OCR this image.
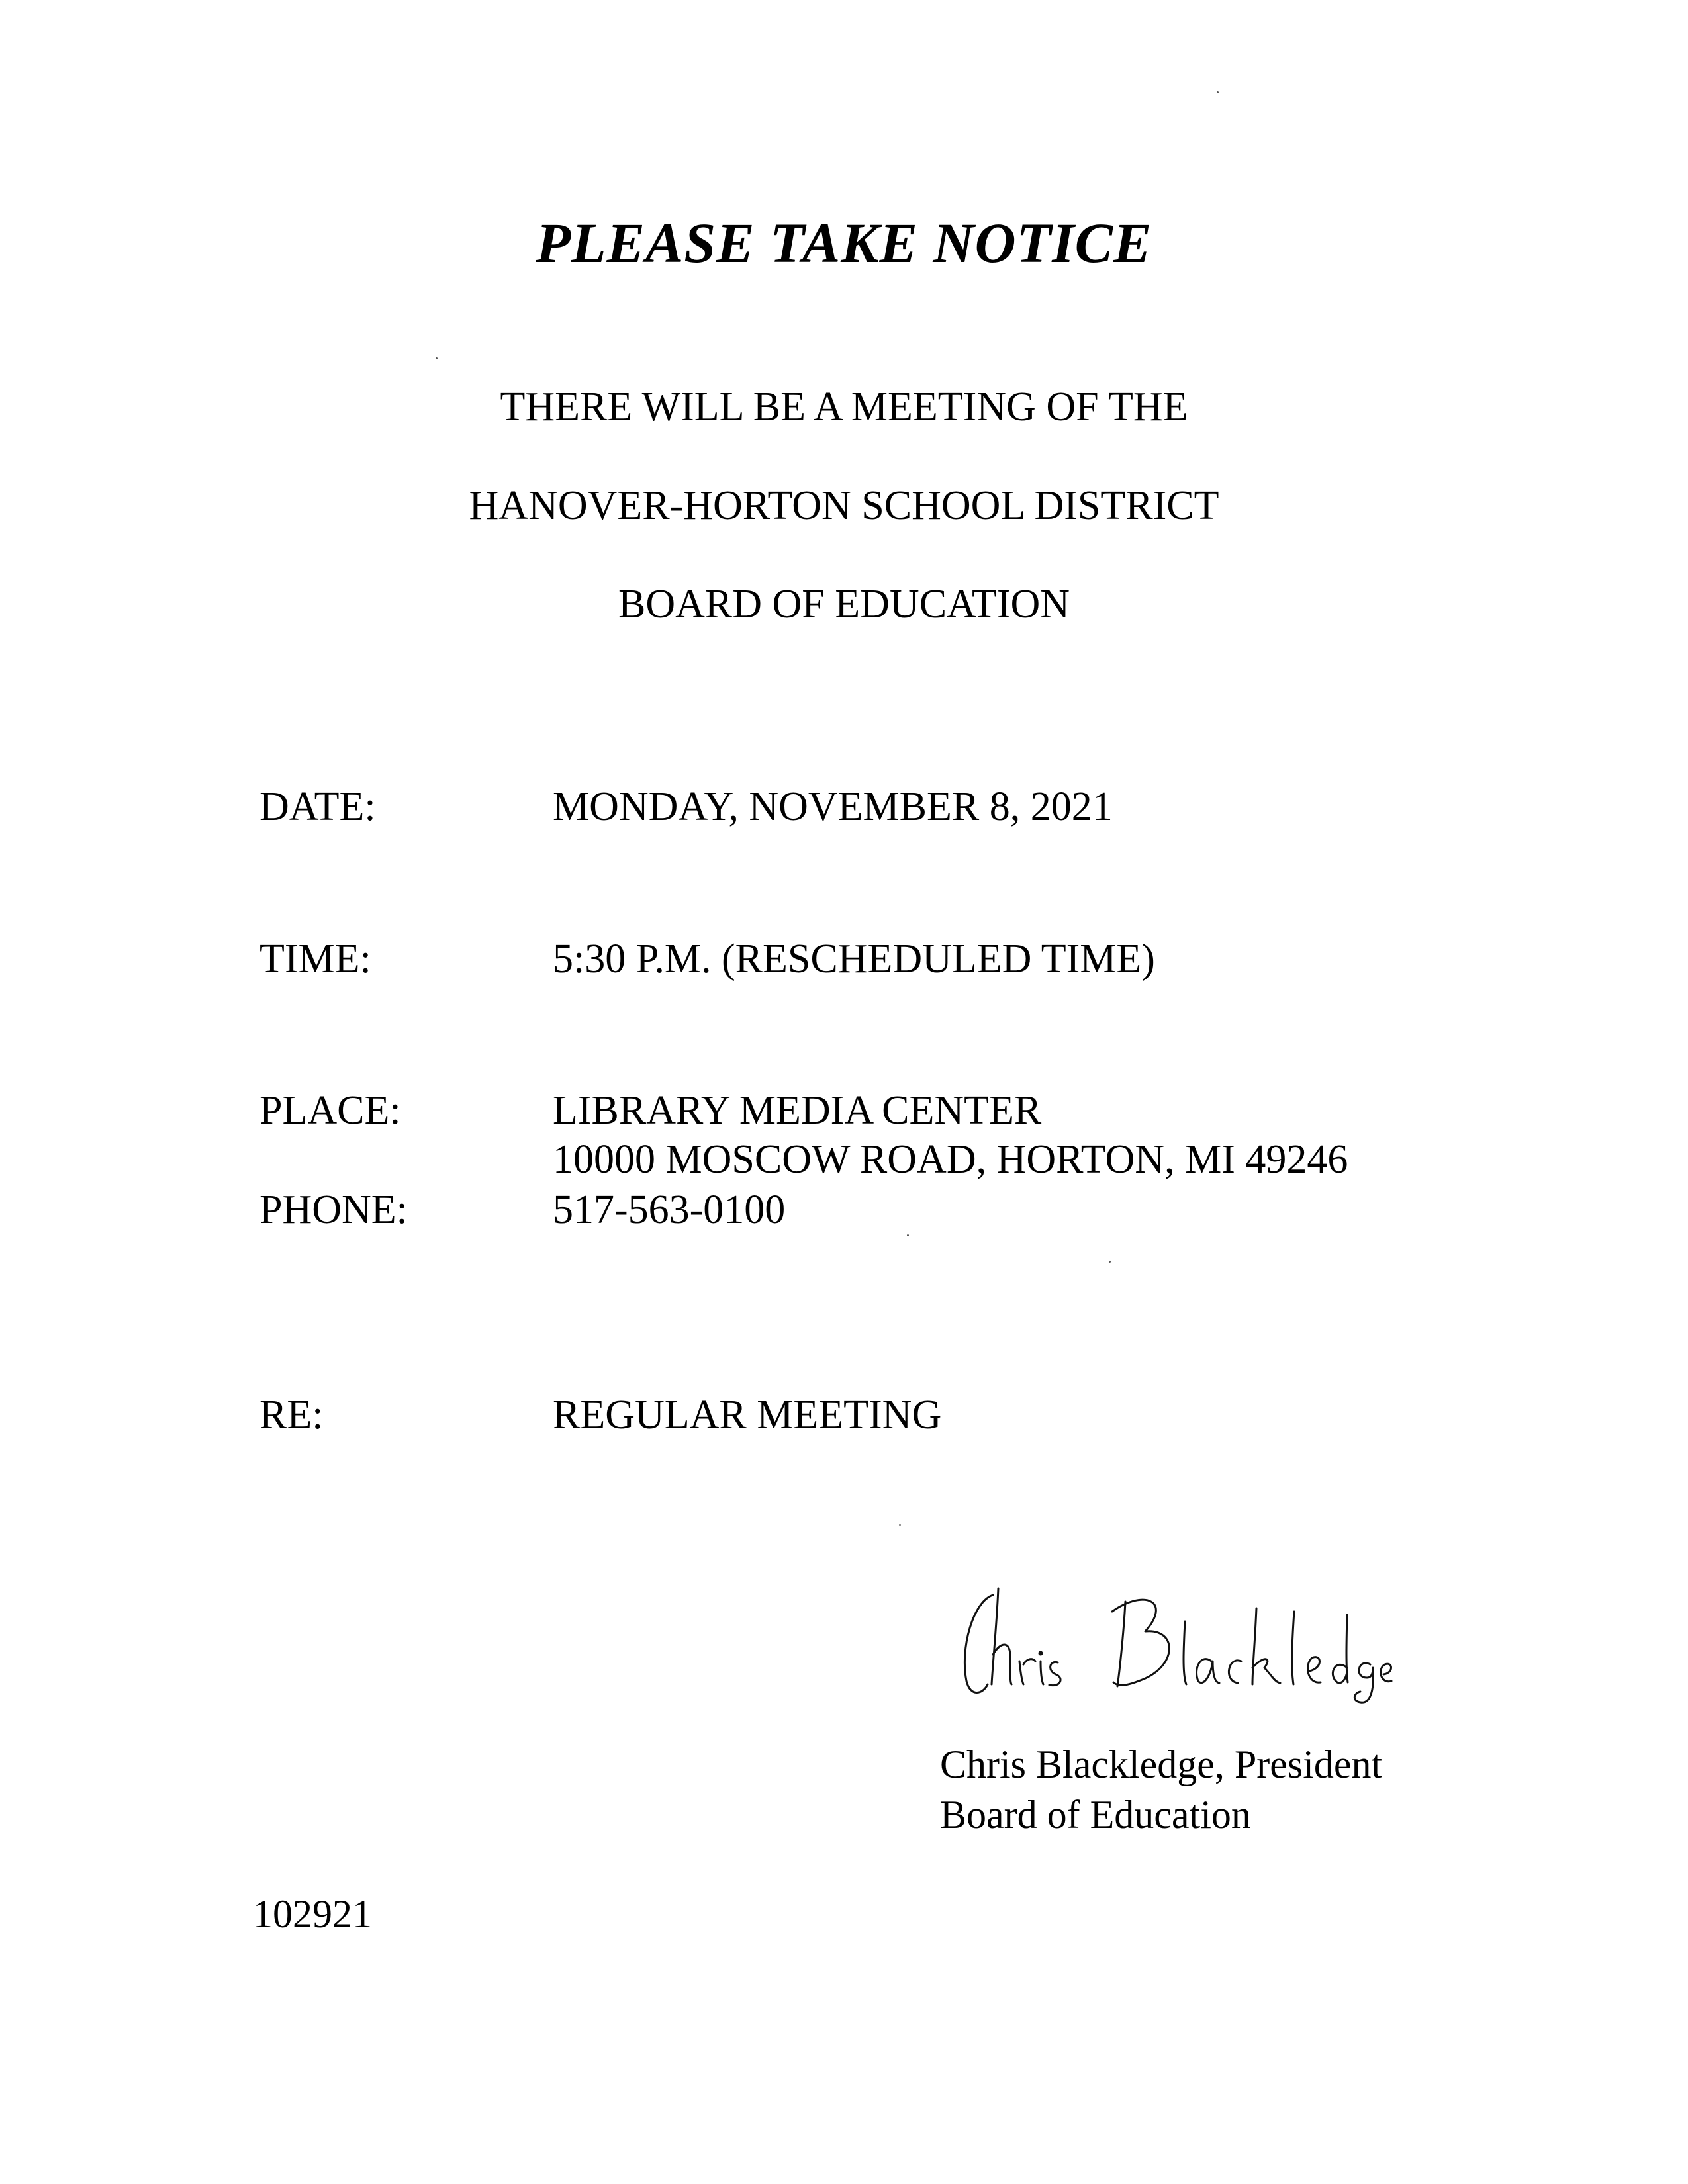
PLEASE TAKE NOTICE
THERE WILL BE A MEETING OF THE
HANOVER-HORTON SCHOOL DISTRICT
BOARD OF EDUCATION
DATE:	MONDAY, NOVEMBER 8, 2021
TIME:	5:30 P.M. (RESCHEDULED TIME)
PLACE:	LIBRARY MEDIA CENTER
10000 MOSCOW ROAD, HORTON, MI 49246
PHONE:	517-563-0100
RE:	REGULAR MEETING
Chris Blackledge, President
Board of Education
102921
